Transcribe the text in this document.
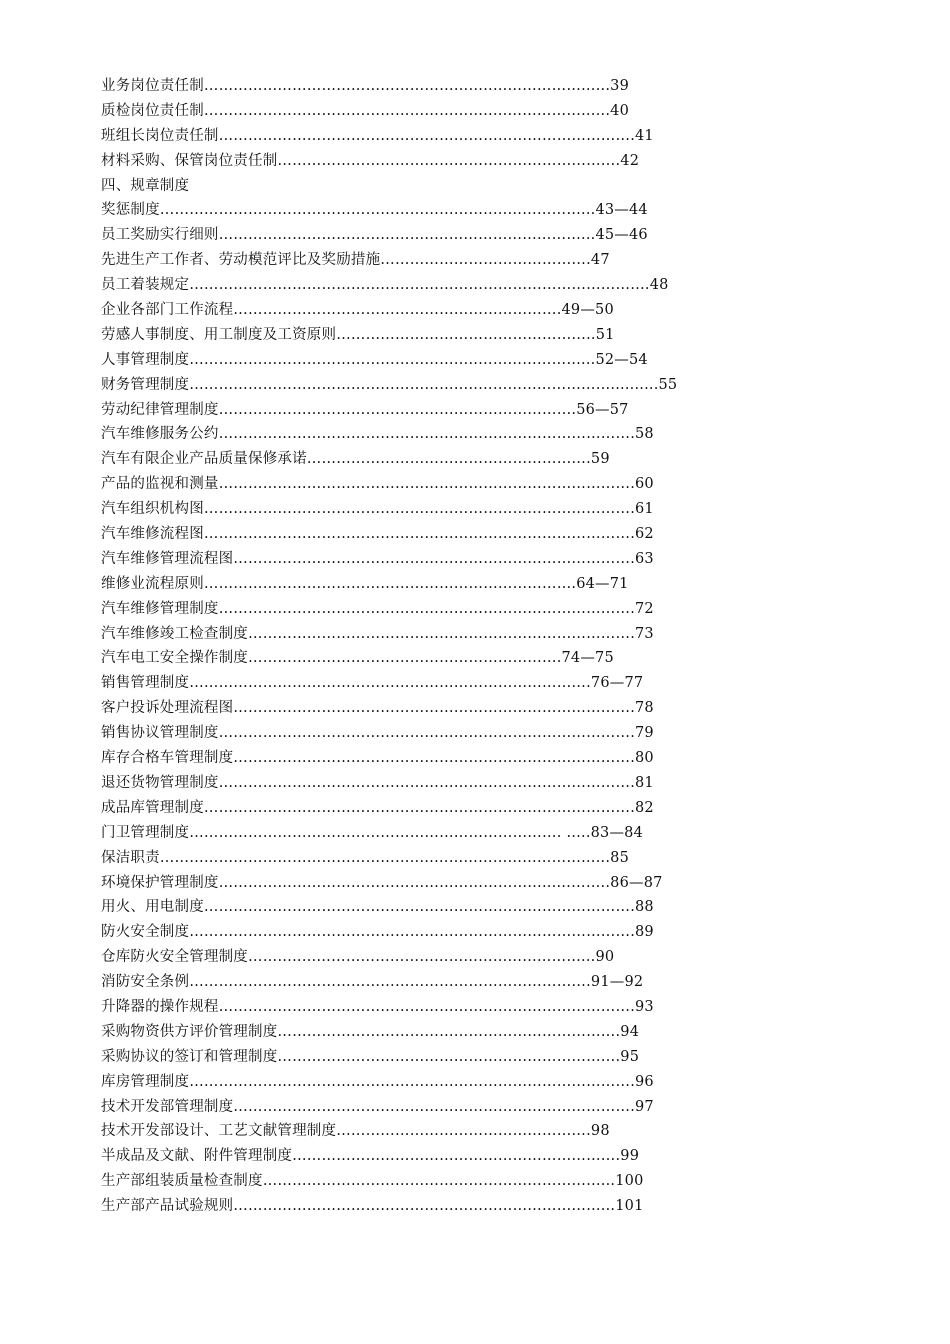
业务岗位责任制…………………………………………………..…………………...39
质检岗位责任制…………………………………………………..…………………...40
班组长岗位责任制………………………………………………………………………….41
材料采购、保管岗位责任制…………………………………………………………….42
四、规章制度
奖惩制度…………………………………………………………..………………...43—44
员工奖励实行细则……………………………………..…………………………...45—46
先进生产工作者、劳动模范评比及奖励措施…………………………………….47
员工着装规定………………………………………………………………………………….48
企业各部门工作流程………………………………………………………….49—50
劳感人事制度、用工制度及工资原则……………………………………………..51
人事管理制度…………………………………………………..…………………...52—54
财务管理制度…………………………………………………..………………………..........55
劳动纪律管理制度……………………………………………………………….56—57
汽车维修服务公约………………………………………………………………………….58
汽车有限企业产品质量保修承诺………………………………………………….59
产品的监视和测量………………………………………………………………………….60
汽车组织机构图…………………………………………………………………………….61
汽车维修流程图…………………………………………………………………………….62
汽车维修管理流程图……………………………………………………………………….63
维修业流程原则………………………………………………………………….64—71
汽车维修管理制度………………………………………………………………………….72
汽车维修竣工检查制度…………………………………………………………………….73
汽车电工安全操作制度……………………………………………………….74—75
销售管理制度……………………………………………………………………….76—77
客户投诉处理流程图……………………………………………………………………….78
销售协议管理制度………………………………………………………………………….79
库存合格车管理制度……………………………………………………………………….80
退还货物管理制度………………………………………………………………………….81
成品库管理制度…………………………………………………………………………….82
门卫管理制度…………………………………………………………………. …..83—84
保洁职责……………………………………………..………………………………...85
环境保护管理制度…………………………………………………………...………..86—87
用火、用电制度…………………………………………………………………………….88
防火安全制度……………………………………………………………………………….89
仓库防火安全管理制度………..…………………………………………………...90
消防安全条例……………………………………………………………………….91—92
升降器的操作规程………………………………………………………………………….93
采购物资供方评价管理制度…………………………………………………………….94
采购协议的签订和管理制度…………………………………………………………….95
库房管理制度……………………………………………………………………………….96
技术开发部管理制度……………………………………………………………………….97
技术开发部设计、工艺文献管理制度…………………………………………….98
半成品及文献、附件管理制度………………………………………………………….99
生产部组装质量检查制度……………………………………………………………...100
生产部产品试验规则…………………………………………………………………...101
